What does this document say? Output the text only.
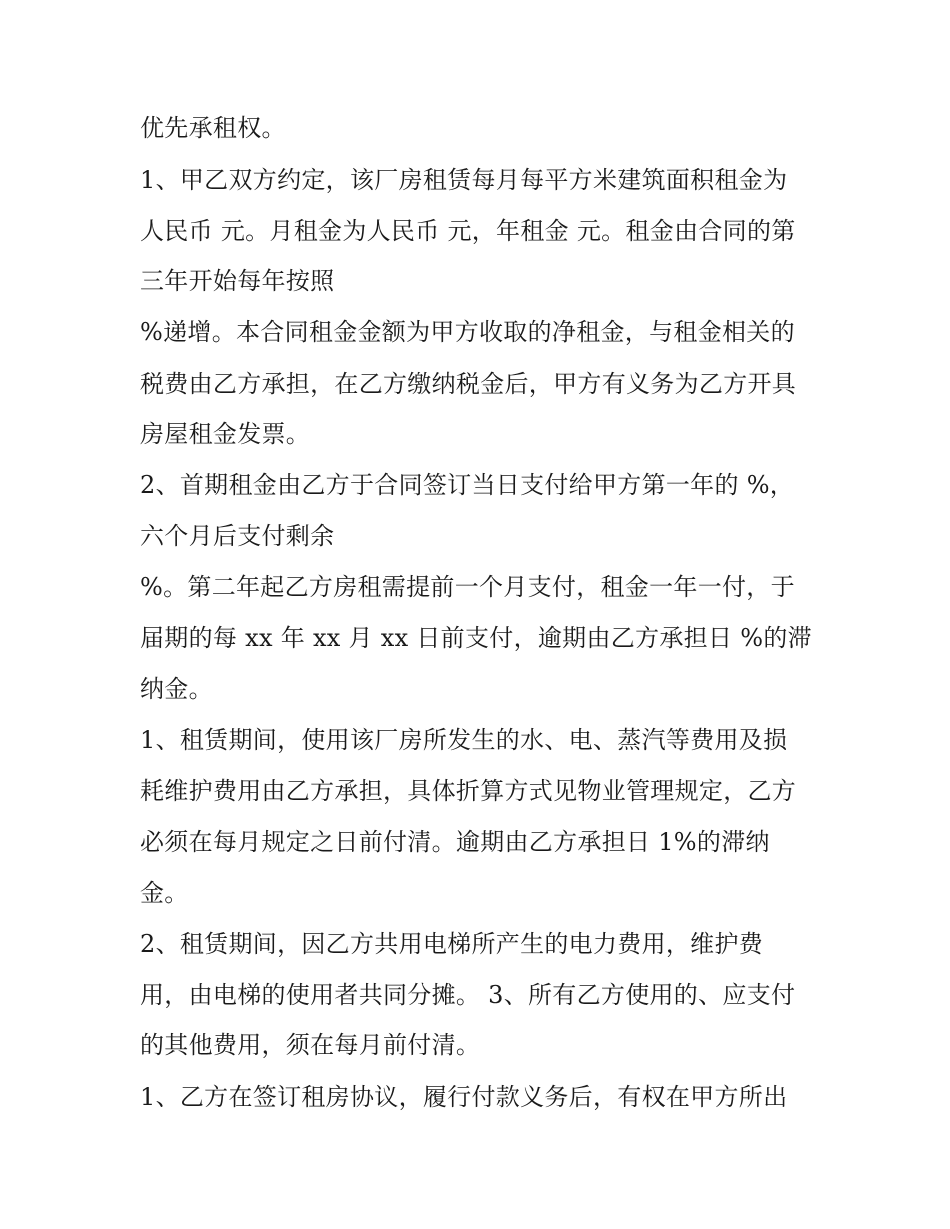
优先承租权。
1、甲乙双方约定，该厂房租赁每月每平方米建筑面积租金为
人民币 元。月租金为人民币 元，年租金 元。租金由合同的第
三年开始每年按照
%递增。本合同租金金额为甲方收取的净租金，与租金相关的
税费由乙方承担，在乙方缴纳税金后，甲方有义务为乙方开具
房屋租金发票。
2、首期租金由乙方于合同签订当日支付给甲方第一年的 %，
六个月后支付剩余
%。第二年起乙方房租需提前一个月支付，租金一年一付，于
届期的每 xx 年 xx 月 xx 日前支付，逾期由乙方承担日 %的滞
纳金。
1、租赁期间，使用该厂房所发生的水、电、蒸汽等费用及损
耗维护费用由乙方承担，具体折算方式见物业管理规定，乙方
必须在每月规定之日前付清。逾期由乙方承担日 1%的滞纳
金。
2、租赁期间，因乙方共用电梯所产生的电力费用，维护费
用，由电梯的使用者共同分摊。 3、所有乙方使用的、应支付
的其他费用，须在每月前付清。
1、乙方在签订租房协议，履行付款义务后，有权在甲方所出
